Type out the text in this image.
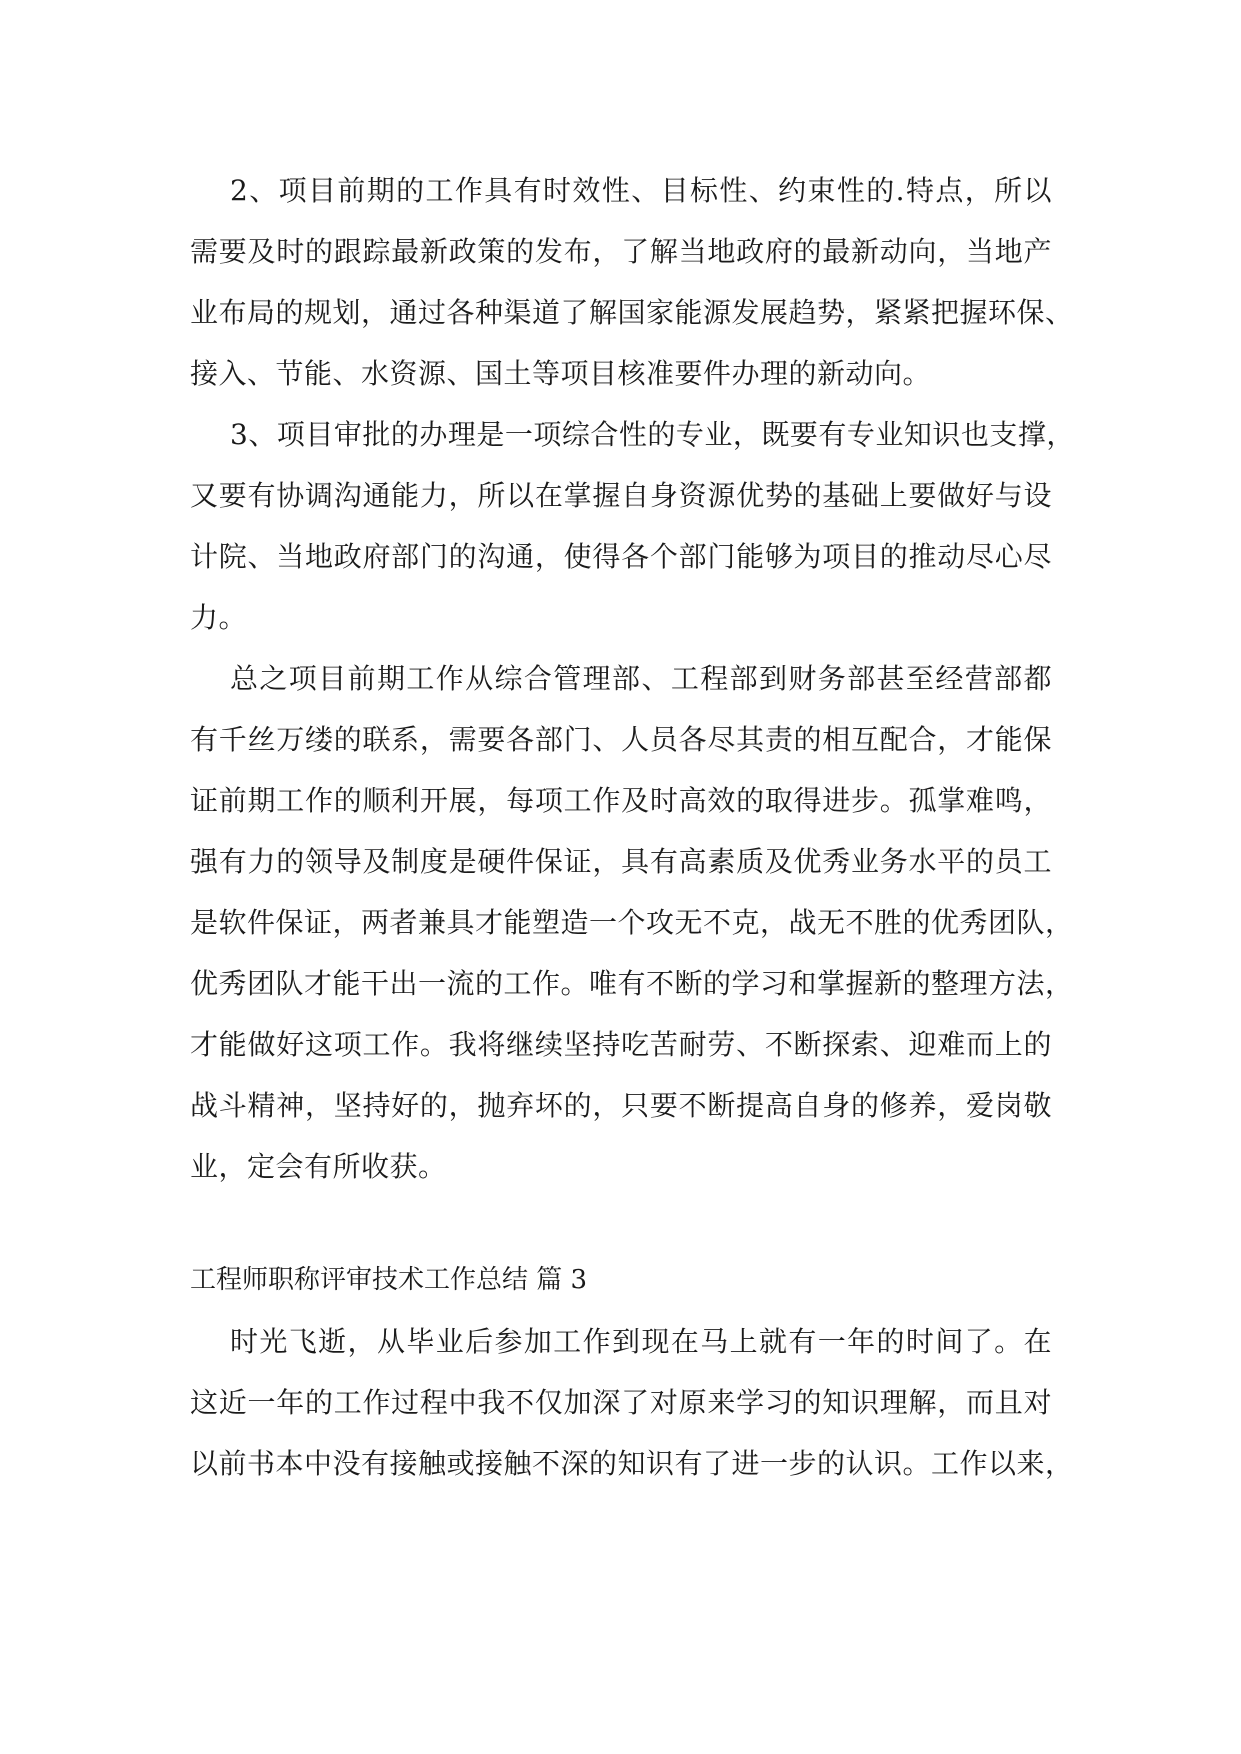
2、项目前期的工作具有时效性、目标性、约束性的.特点，所以
需要及时的跟踪最新政策的发布，了解当地政府的最新动向，当地产
业布局的规划，通过各种渠道了解国家能源发展趋势，紧紧把握环保、
接入、节能、水资源、国土等项目核准要件办理的新动向。
3、项目审批的办理是一项综合性的专业，既要有专业知识也支撑，
又要有协调沟通能力，所以在掌握自身资源优势的基础上要做好与设
计院、当地政府部门的沟通，使得各个部门能够为项目的推动尽心尽
力。
总之项目前期工作从综合管理部、工程部到财务部甚至经营部都
有千丝万缕的联系，需要各部门、人员各尽其责的相互配合，才能保
证前期工作的顺利开展，每项工作及时高效的取得进步。孤掌难鸣，
强有力的领导及制度是硬件保证，具有高素质及优秀业务水平的员工
是软件保证，两者兼具才能塑造一个攻无不克，战无不胜的优秀团队，
优秀团队才能干出一流的工作。唯有不断的学习和掌握新的整理方法，
才能做好这项工作。我将继续坚持吃苦耐劳、不断探索、迎难而上的
战斗精神，坚持好的，抛弃坏的，只要不断提高自身的修养，爱岗敬
业，定会有所收获。
工程师职称评审技术工作总结 篇 3
时光飞逝，从毕业后参加工作到现在马上就有一年的时间了。在
这近一年的工作过程中我不仅加深了对原来学习的知识理解，而且对
以前书本中没有接触或接触不深的知识有了进一步的认识。工作以来，
